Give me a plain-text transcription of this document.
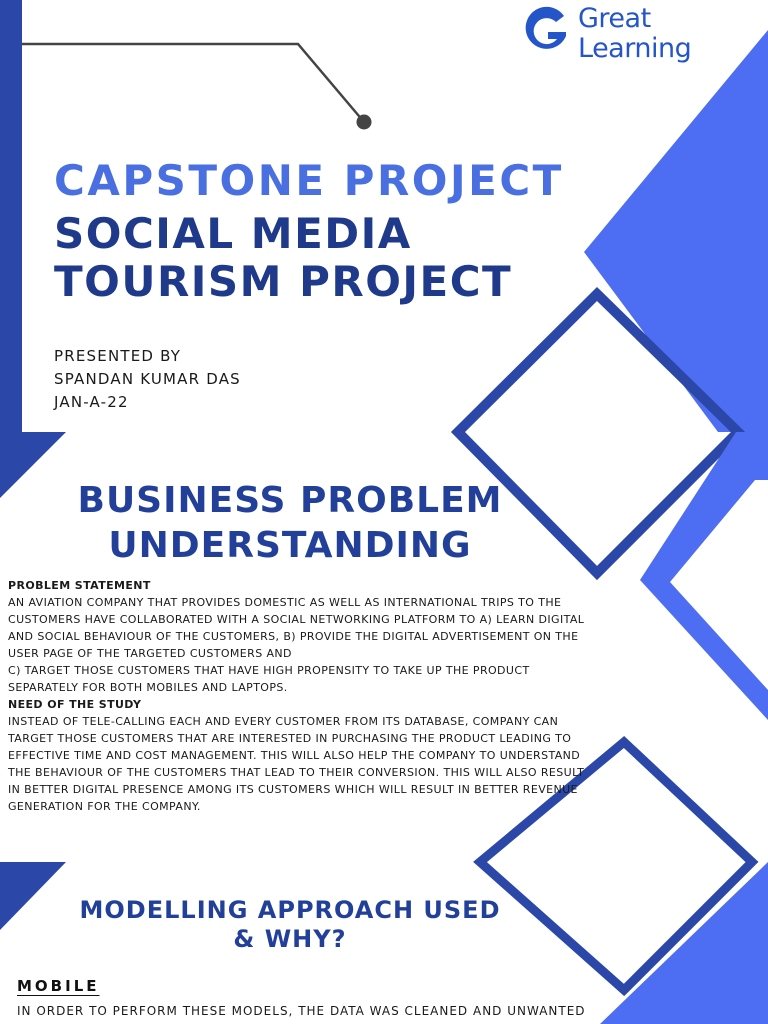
Great
Learning
CAPSTONE PROJECT
SOCIAL MEDIA
TOURISM PROJECT
PRESENTED BY
SPANDAN KUMAR DAS
JAN-A-22
BUSINESS PROBLEM
UNDERSTANDING
PROBLEM STATEMENT
AN AVIATION COMPANY THAT PROVIDES DOMESTIC AS WELL AS INTERNATIONAL TRIPS TO THE CUSTOMERS HAVE COLLABORATED WITH A SOCIAL NETWORKING PLATFORM TO A) LEARN DIGITAL AND SOCIAL BEHAVIOUR OF THE CUSTOMERS, B) PROVIDE THE DIGITAL ADVERTISEMENT ON THE USER PAGE OF THE TARGETED CUSTOMERS AND
C) TARGET THOSE CUSTOMERS THAT HAVE HIGH PROPENSITY TO TAKE UP THE PRODUCT SEPARATELY FOR BOTH MOBILES AND LAPTOPS.
NEED OF THE STUDY
INSTEAD OF TELE-CALLING EACH AND EVERY CUSTOMER FROM ITS DATABASE, COMPANY CAN TARGET THOSE CUSTOMERS THAT ARE INTERESTED IN PURCHASING THE PRODUCT LEADING TO EFFECTIVE TIME AND COST MANAGEMENT. THIS WILL ALSO HELP THE COMPANY TO UNDERSTAND THE BEHAVIOUR OF THE CUSTOMERS THAT LEAD TO THEIR CONVERSION. THIS WILL ALSO RESULT IN BETTER DIGITAL PRESENCE AMONG ITS CUSTOMERS WHICH WILL RESULT IN BETTER REVENUE GENERATION FOR THE COMPANY.
MODELLING APPROACH USED
& WHY?
MOBILE
IN ORDER TO PERFORM THESE MODELS, THE DATA WAS CLEANED AND UNWANTED
